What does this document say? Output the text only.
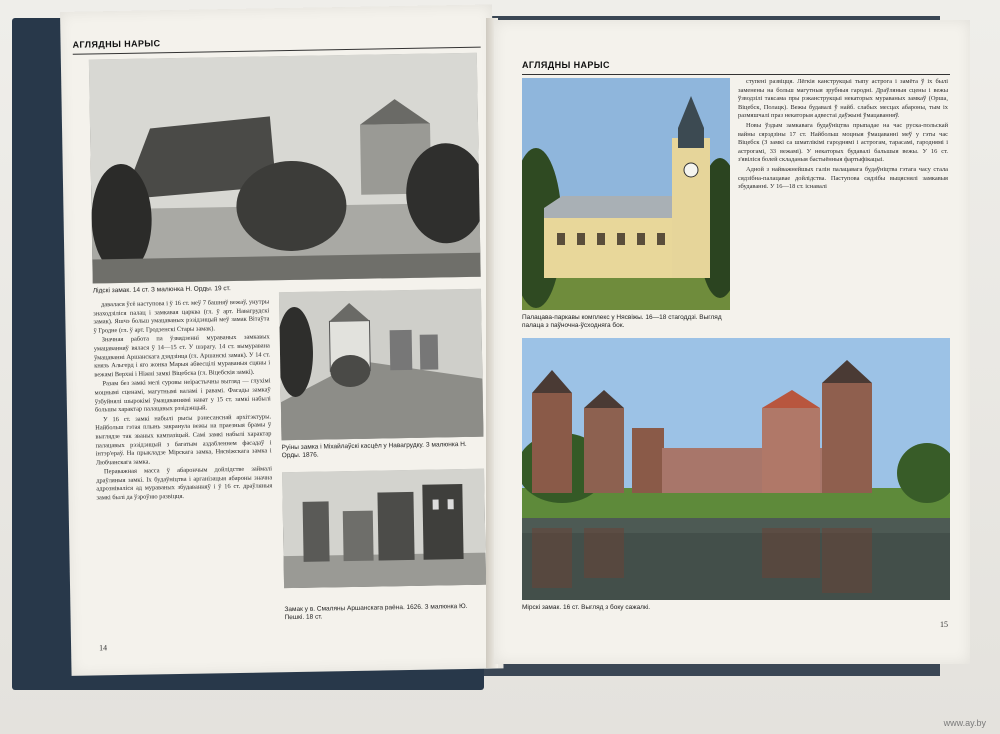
АГЛЯДНЫ НАРЫС
Лідскі замак. 14 ст. З малюнка Н. Орды. 19 ст.

давалася ўсё наступова і ў 16 ст. меў 7 башняў вежаў, унутры знаходзіліся палац і замкавая царква (гл. ў арт. Навагрудскі замак). Яшчэ больш умацаваных рэзідэнцый меў замак Вітаўта ў Гродне (гл. ў арт. Гродзенскі Стары замак).

Значная работа па ўзвядзенні мураваных замкавых умацаванняў вялася ў 14—15 ст. У шэрагу. 14 ст. вымуравана ўмацаванні Аршанскага дзядзінца (гл. Аршанскі замак). У 14 ст. князь Альгерд і яго жонка Марыя абвесцілі мураваныя сцяны і вежамі Верхні і Ніжні замкі Віцебска (гл. Віцебскія замкі).

Разам без замкі мелі суровы неірастычны выгляд — глухімі моцнымі сценамі, магутнымі валамі і равамі. Фасады замкаў ўзбуйнялі шырокімі ўмацаваннямі нават у 15 ст. замкі набылі большы характар палацавых рэзідэнцый.

У 16 ст. замкі набылі рысы рэнесанснай архітэктуры. Найбольш гэтая плынь закранула вежы на праезныя брамы ў выглядзе так званых кампазіцый. Самі замкі набылі характар палацавых рэзідэнцый з багатым аздабленнем фасадаў і інтэр'ераў. На прыкладзе Мірскага замка, Нясвіжскага замка і Любчанскага замка.

Пераважная масса ў абарончым дойлідстве займалі драўляныя замкі. Іх будаўніцтва і арганізацыя абароны значна адрозніваліся ад мураваных збудаванняў і ў 16 ст. драўляныя замкі былі да ўзроўню развіцця.

Руіны замка і Міхайлаўскі касцёл у Навагрудку. З малюнка Н. Орды. 1876.
Замак у в. Смаляны Аршанскага раёна. 1626. З малюнка Ю. Пешкі. 18 ст.
14
АГЛЯДНЫ НАРЫС
Палацава-паркавы комплекс у Нясвіжы. 16—18 стагоддзі. Выгляд палаца з паўночна-ўсходняга бок.

ступені развіцця. Лёгкія канструкцыі тыпу астрога і замёта ў іх былі заменены на больш магутныя зрубныя гародні. Драўляныя сцены і вежы ўзводзілі таксама пры рэканструкцыі некаторых мураваных замкаў (Орша, Віцебск, Полацк). Вежы будавалі ў найб. слабых месцах абароны, тым іх размяшчалі праз некаторыя адвестаі даўжыні ўмацаванняў.

Новы ўздым замкавага будаўніцтва прыпадае на час руска-польскай вайны сярэдзіны 17 ст. Найбольш моцныя ўмацаванні меў у гэты час Віцебск (З замкі са шматлікімі гароднямі і астрогам, тарасамі, гароднямі і астрогамі, 33 вежамі). У некаторых будавалі бальшыя вежы. У 16 ст. з'явіліся болей складаныя бастыённыя фартыфікацыі.

Адной з найважнейшых галін палацавага будаўніцтва гэтага часу стала сядзібна-палацавае дойлідства. Паступова сядзібы выцяснялі замкавыя збудаванні. У 16—18 ст. існавалі

Мірскі замак. 16 ст. Выгляд з боку сажалкі.
15
www.ay.by
